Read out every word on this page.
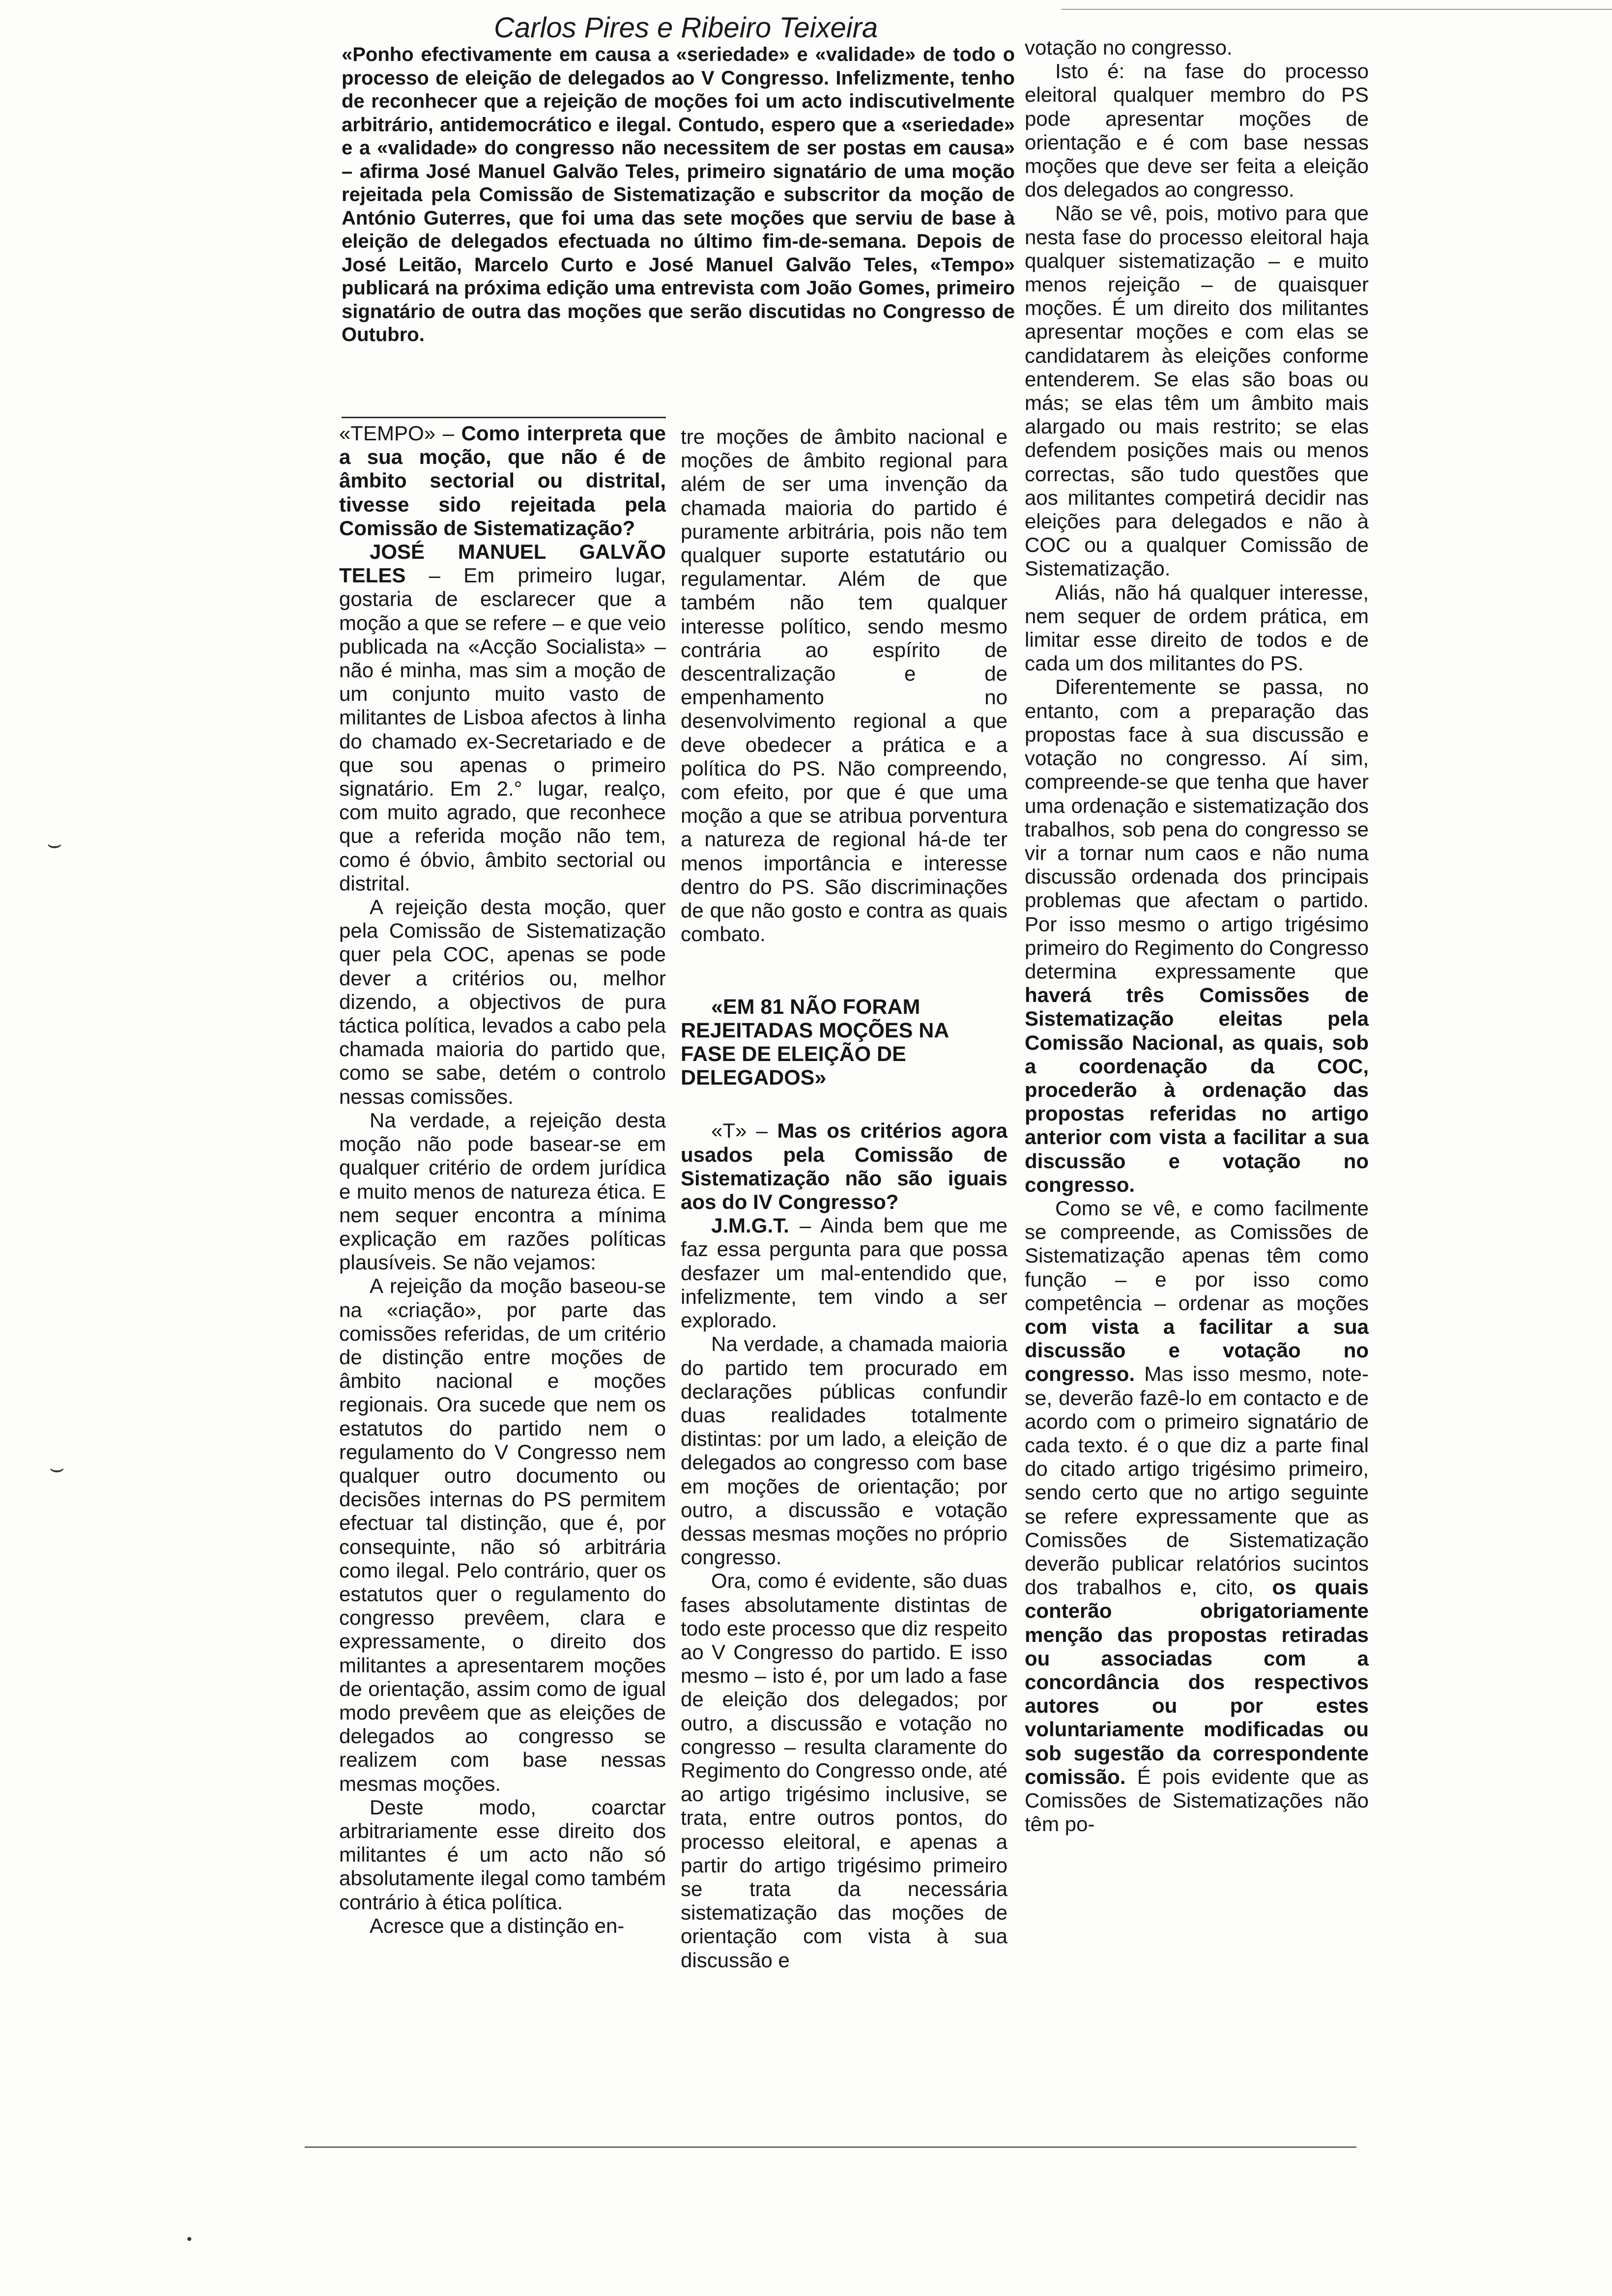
Carlos Pires e Ribeiro Teixeira

«Ponho efectivamente em causa a «seriedade» e «validade» de todo o processo de eleição de delegados ao V Congresso. Infelizmente, tenho de reconhecer que a rejeição de moções foi um acto indiscutivelmente arbitrário, antidemocrático e ilegal. Contudo, espero que a «seriedade» e a «validade» do congresso não necessitem de ser postas em causa» – afirma José Manuel Galvão Teles, primeiro signatário de uma moção rejeitada pela Comissão de Sistematização e subscritor da moção de António Guterres, que foi uma das sete moções que serviu de base à eleição de delegados efectuada no último fim-de-semana. Depois de José Leitão, Marcelo Curto e José Manuel Galvão Teles, «Tempo» publicará na próxima edição uma entrevista com João Gomes, primeiro signatário de outra das moções que serão discutidas no Congresso de Outubro.

«TEMPO» – Como interpreta que a sua moção, que não é de âmbito sectorial ou distrital, tivesse sido rejeitada pela Comissão de Sistematização?

JOSÉ MANUEL GALVÃO TELES – Em primeiro lugar, gostaria de esclarecer que a moção a que se refere – e que veio publicada na «Acção Socialista» – não é minha, mas sim a moção de um conjunto muito vasto de militantes de Lisboa afectos à linha do chamado ex-Secretariado e de que sou apenas o primeiro signatário. Em 2.° lugar, realço, com muito agrado, que reconhece que a referida moção não tem, como é óbvio, âmbito sectorial ou distrital.

A rejeição desta moção, quer pela Comissão de Sistematização quer pela COC, apenas se pode dever a critérios ou, melhor dizendo, a objectivos de pura táctica política, levados a cabo pela chamada maioria do partido que, como se sabe, detém o controlo nessas comissões.

Na verdade, a rejeição desta moção não pode basear-se em qualquer critério de ordem jurídica e muito menos de natureza ética. E nem sequer encontra a mínima explicação em razões políticas plausíveis. Se não vejamos:

A rejeição da moção baseou-se na «criação», por parte das comissões referidas, de um critério de distinção entre moções de âmbito nacional e moções regionais. Ora sucede que nem os estatutos do partido nem o regulamento do V Congresso nem qualquer outro documento ou decisões internas do PS permitem efectuar tal distinção, que é, por consequinte, não só arbitrária como ilegal. Pelo contrário, quer os estatutos quer o regulamento do congresso prevêem, clara e expressamente, o direito dos militantes a apresentarem moções de orientação, assim como de igual modo prevêem que as eleições de delegados ao congresso se realizem com base nessas mesmas moções.

Deste modo, coarctar arbitrariamente esse direito dos militantes é um acto não só absolutamente ilegal como também contrário à ética política.

Acresce que a distinção en-

tre moções de âmbito nacional e moções de âmbito regional para além de ser uma invenção da chamada maioria do partido é puramente arbitrária, pois não tem qualquer suporte estatutário ou regulamentar. Além de que também não tem qualquer interesse político, sendo mesmo contrária ao espírito de descentralização e de empenhamento no desenvolvimento regional a que deve obedecer a prática e a política do PS. Não compreendo, com efeito, por que é que uma moção a que se atribua porventura a natureza de regional há-de ter menos importância e interesse dentro do PS. São discriminações de que não gosto e contra as quais combato.

«EM 81 NÃO FORAM REJEITADAS MOÇÕES NA FASE DE ELEIÇÃO DE DELEGADOS»

«T» – Mas os critérios agora usados pela Comissão de Sistematização não são iguais aos do IV Congresso?

J.M.G.T. – Ainda bem que me faz essa pergunta para que possa desfazer um mal-entendido que, infelizmente, tem vindo a ser explorado.

Na verdade, a chamada maioria do partido tem procurado em declarações públicas confundir duas realidades totalmente distintas: por um lado, a eleição de delegados ao congresso com base em moções de orientação; por outro, a discussão e votação dessas mesmas moções no próprio congresso.

Ora, como é evidente, são duas fases absolutamente distintas de todo este processo que diz respeito ao V Congresso do partido. E isso mesmo – isto é, por um lado a fase de eleição dos delegados; por outro, a discussão e votação no congresso – resulta claramente do Regimento do Congresso onde, até ao artigo trigésimo inclusive, se trata, entre outros pontos, do processo eleitoral, e apenas a partir do artigo trigésimo primeiro se trata da necessária sistematização das moções de orientação com vista à sua discussão e

votação no congresso.

Isto é: na fase do processo eleitoral qualquer membro do PS pode apresentar moções de orientação e é com base nessas moções que deve ser feita a eleição dos delegados ao congresso.

Não se vê, pois, motivo para que nesta fase do processo eleitoral haja qualquer sistematização – e muito menos rejeição – de quaisquer moções. É um direito dos militantes apresentar moções e com elas se candidatarem às eleições conforme entenderem. Se elas são boas ou más; se elas têm um âmbito mais alargado ou mais restrito; se elas defendem posições mais ou menos correctas, são tudo questões que aos militantes competirá decidir nas eleições para delegados e não à COC ou a qualquer Comissão de Sistematização.

Aliás, não há qualquer interesse, nem sequer de ordem prática, em limitar esse direito de todos e de cada um dos militantes do PS.

Diferentemente se passa, no entanto, com a preparação das propostas face à sua discussão e votação no congresso. Aí sim, compreende-se que tenha que haver uma ordenação e sistematização dos trabalhos, sob pena do congresso se vir a tornar num caos e não numa discussão ordenada dos principais problemas que afectam o partido. Por isso mesmo o artigo trigésimo primeiro do Regimento do Congresso determina expressamente que haverá três Comissões de Sistematização eleitas pela Comissão Nacional, as quais, sob a coordenação da COC, procederão à ordenação das propostas referidas no artigo anterior com vista a facilitar a sua discussão e votação no congresso.

Como se vê, e como facilmente se compreende, as Comissões de Sistematização apenas têm como função – e por isso como competência – ordenar as moções com vista a facilitar a sua discussão e votação no congresso. Mas isso mesmo, note-se, deverão fazê-lo em contacto e de acordo com o primeiro signatário de cada texto. é o que diz a parte final do citado artigo trigésimo primeiro, sendo certo que no artigo seguinte se refere expressamente que as Comissões de Sistematização deverão publicar relatórios sucintos dos trabalhos e, cito, os quais conterão obrigatoriamente menção das propostas retiradas ou associadas com a concordância dos respectivos autores ou por estes voluntariamente modificadas ou sob sugestão da correspondente comissão. É pois evidente que as Comissões de Sistematizações não têm po-

⌣
⌣
•
